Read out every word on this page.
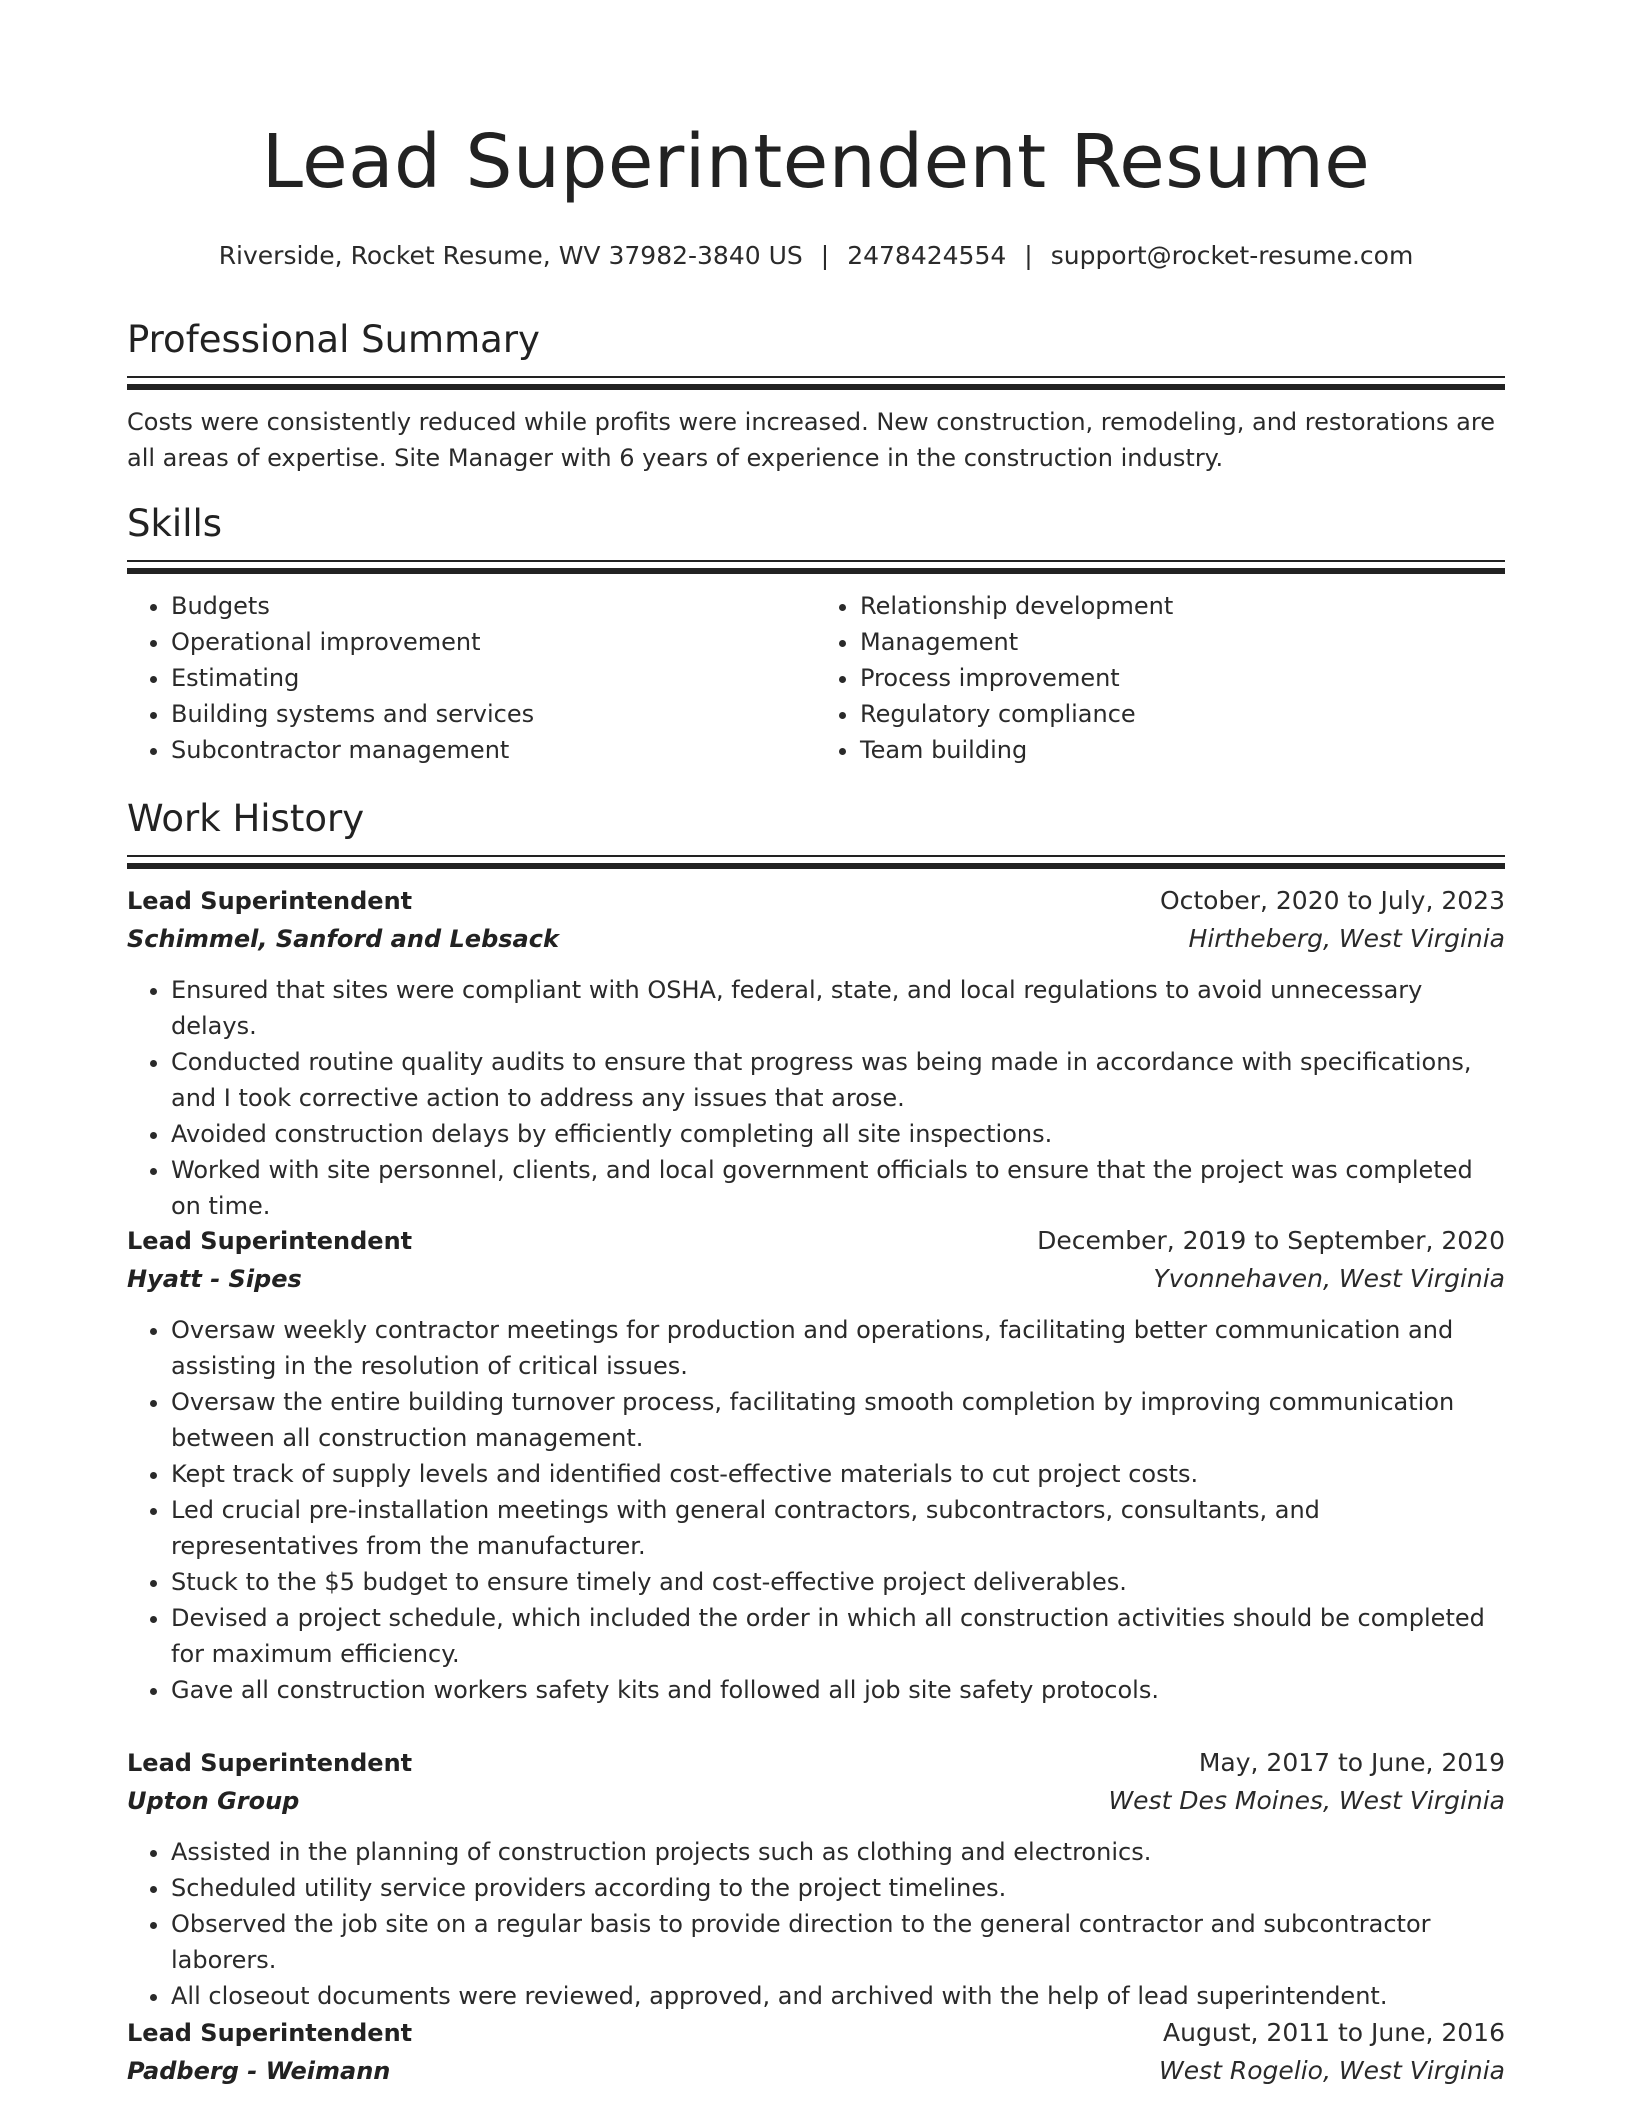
Lead Superintendent Resume
Riverside, Rocket Resume, WV 37982-3840 US | 2478424554 | support@rocket-resume.com
Professional Summary

Costs were consistently reduced while profits were increased. New construction, remodeling, and restorations are all areas of expertise. Site Manager with 6 years of experience in the construction industry.

Skills
• Budgets
• Operational improvement
• Estimating
• Building systems and services
• Subcontractor management
• Relationship development
• Management
• Process improvement
• Regulatory compliance
• Team building
Work History
Lead Superintendent	October, 2020 to July, 2023
Schimmel, Sanford and Lebsack	Hirtheberg, West Virginia
• Ensured that sites were compliant with OSHA, federal, state, and local regulations to avoid unnecessary delays.
• Conducted routine quality audits to ensure that progress was being made in accordance with specifications, and I took corrective action to address any issues that arose.
• Avoided construction delays by efficiently completing all site inspections.
• Worked with site personnel, clients, and local government officials to ensure that the project was completed on time.
Lead Superintendent	December, 2019 to September, 2020
Hyatt - Sipes	Yvonnehaven, West Virginia
• Oversaw weekly contractor meetings for production and operations, facilitating better communication and assisting in the resolution of critical issues.
• Oversaw the entire building turnover process, facilitating smooth completion by improving communication between all construction management.
• Kept track of supply levels and identified cost-effective materials to cut project costs.
• Led crucial pre-installation meetings with general contractors, subcontractors, consultants, and representatives from the manufacturer.
• Stuck to the $5 budget to ensure timely and cost-effective project deliverables.
• Devised a project schedule, which included the order in which all construction activities should be completed for maximum efficiency.
• Gave all construction workers safety kits and followed all job site safety protocols.
Lead Superintendent	May, 2017 to June, 2019
Upton Group	West Des Moines, West Virginia
• Assisted in the planning of construction projects such as clothing and electronics.
• Scheduled utility service providers according to the project timelines.
• Observed the job site on a regular basis to provide direction to the general contractor and subcontractor laborers.
• All closeout documents were reviewed, approved, and archived with the help of lead superintendent.
Lead Superintendent	August, 2011 to June, 2016
Padberg - Weimann	West Rogelio, West Virginia
